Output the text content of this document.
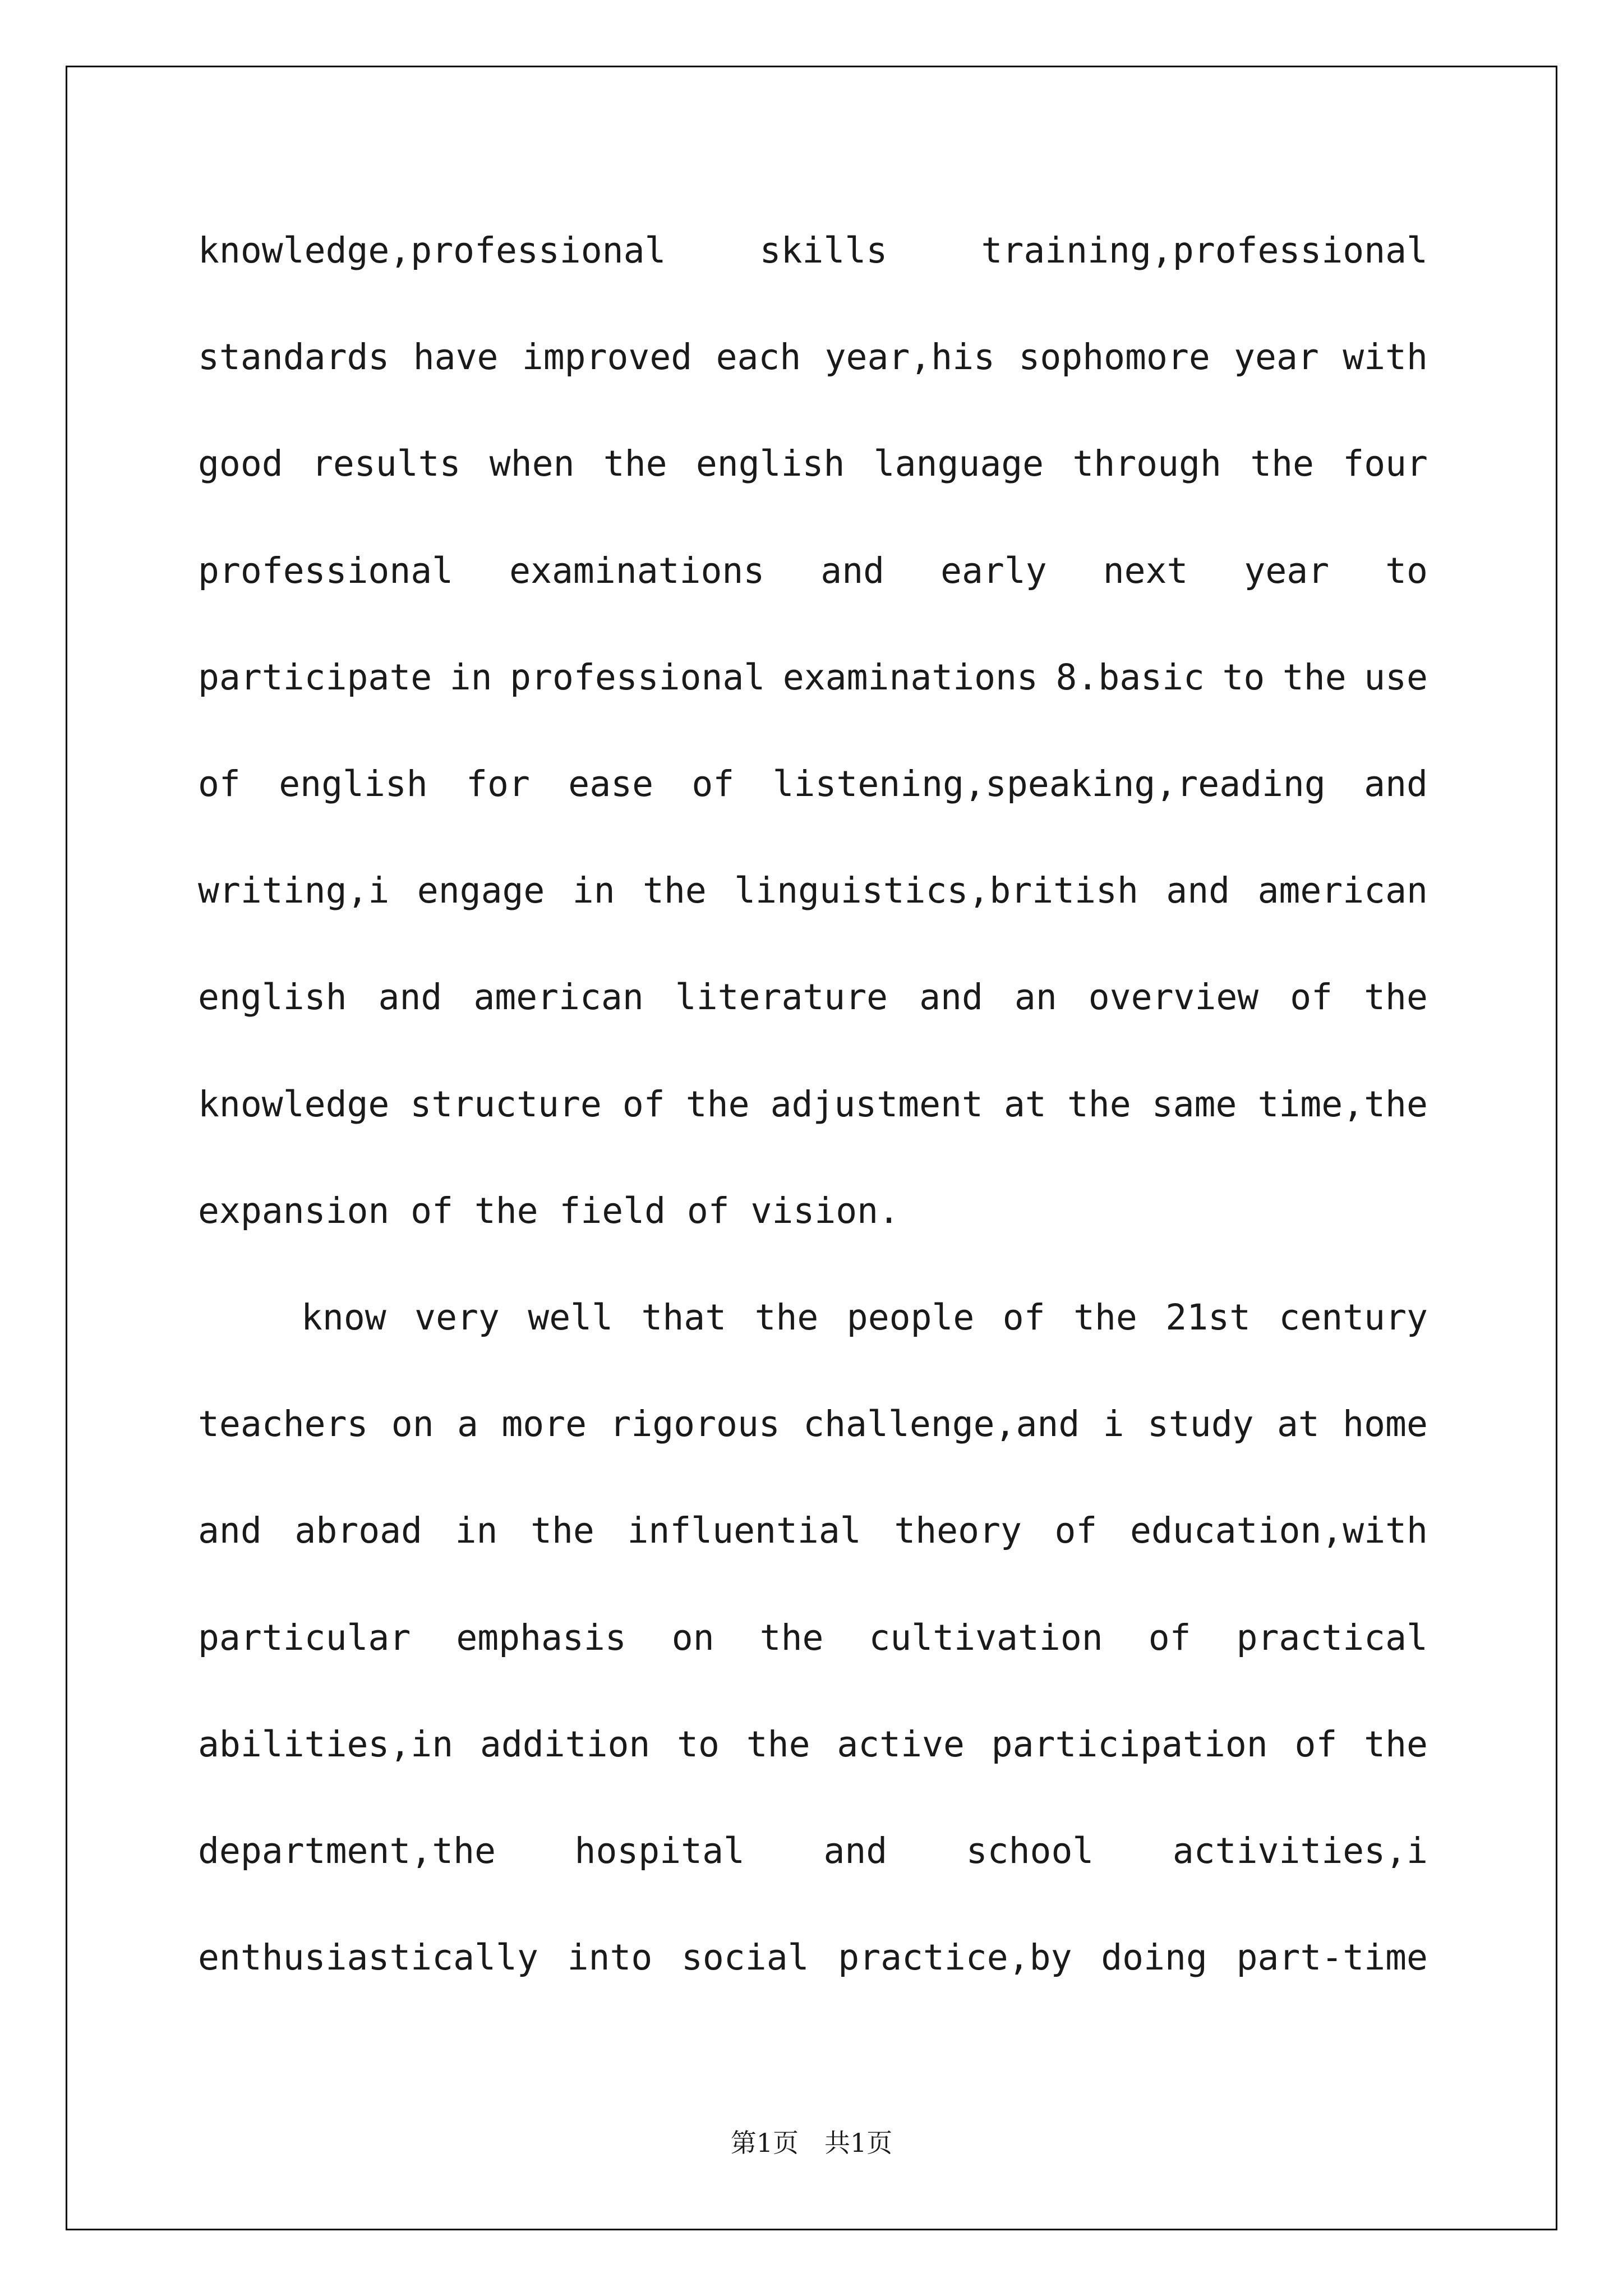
knowledge,professional	skills	training,professional
standards have improved each year,his sophomore year with
good results when the english language through the four
professional examinations and early next year to
participate in professional examinations 8.basic to the use
of english for ease of listening,speaking,reading and
writing,i engage in the linguistics,british and american
english and american literature and an overview of the
knowledge structure of the adjustment at the same time,the
expansion of the field of vision.
know very well that the people of the 21st century
teachers on a more rigorous challenge,and i study at home
and abroad in the influential theory of education,with
particular emphasis on the cultivation of practical
abilities,in addition to the active participation of the
department,the hospital and school activities,i
enthusiastically into social practice,by doing part-time
第1页　共1页
